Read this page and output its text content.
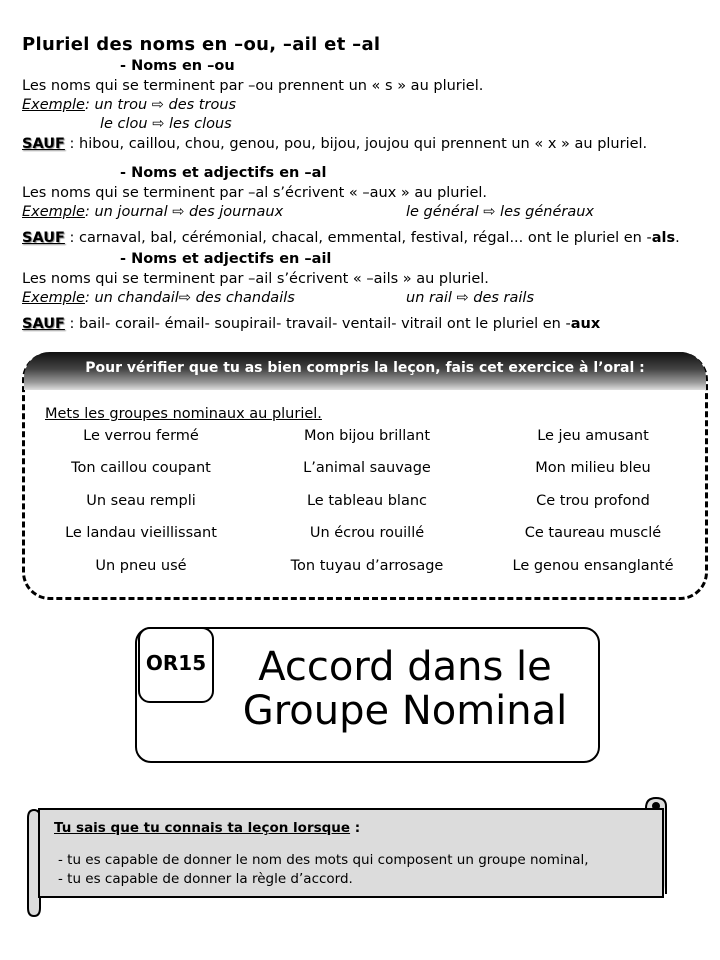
Pluriel des noms en –ou, –ail et –al
- Noms en –ou
Les noms qui se terminent par –ou prennent un « s » au pluriel.
Exemple: un trou ⇨ des trous
le clou ⇨ les clous
SAUF : hibou, caillou, chou, genou, pou, bijou, joujou qui prennent un « x » au pluriel.
- Noms et adjectifs en –al
Les noms qui se terminent par –al s’écrivent « –aux » au pluriel.
Exemple: un journal ⇨ des journaux	le général ⇨ les généraux
SAUF : carnaval, bal, cérémonial, chacal, emmental, festival, régal... ont le pluriel en -als.
- Noms et adjectifs en –ail
Les noms qui se terminent par –ail s’écrivent « –ails » au pluriel.
Exemple: un chandail⇨ des chandails	un rail ⇨ des rails
SAUF : bail- corail- émail- soupirail- travail- ventail- vitrail ont le pluriel en -aux
Pour vérifier que tu as bien compris la leçon, fais cet exercice à l’oral :
Mets les groupes nominaux au pluriel.
Le verrou fermé	Mon bijou brillant	Le jeu amusant
Ton caillou coupant	L’animal sauvage	Mon milieu bleu
Un seau rempli	Le tableau blanc	Ce trou profond
Le landau vieillissant	Un écrou rouillé	Ce taureau musclé
Un pneu usé	Ton tuyau d’arrosage	Le genou ensanglanté
OR15	Accord dans le
Groupe Nominal
Tu sais que tu connais ta leçon lorsque :
- tu es capable de donner le nom des mots qui composent un groupe nominal,
- tu es capable de donner la règle d’accord.
